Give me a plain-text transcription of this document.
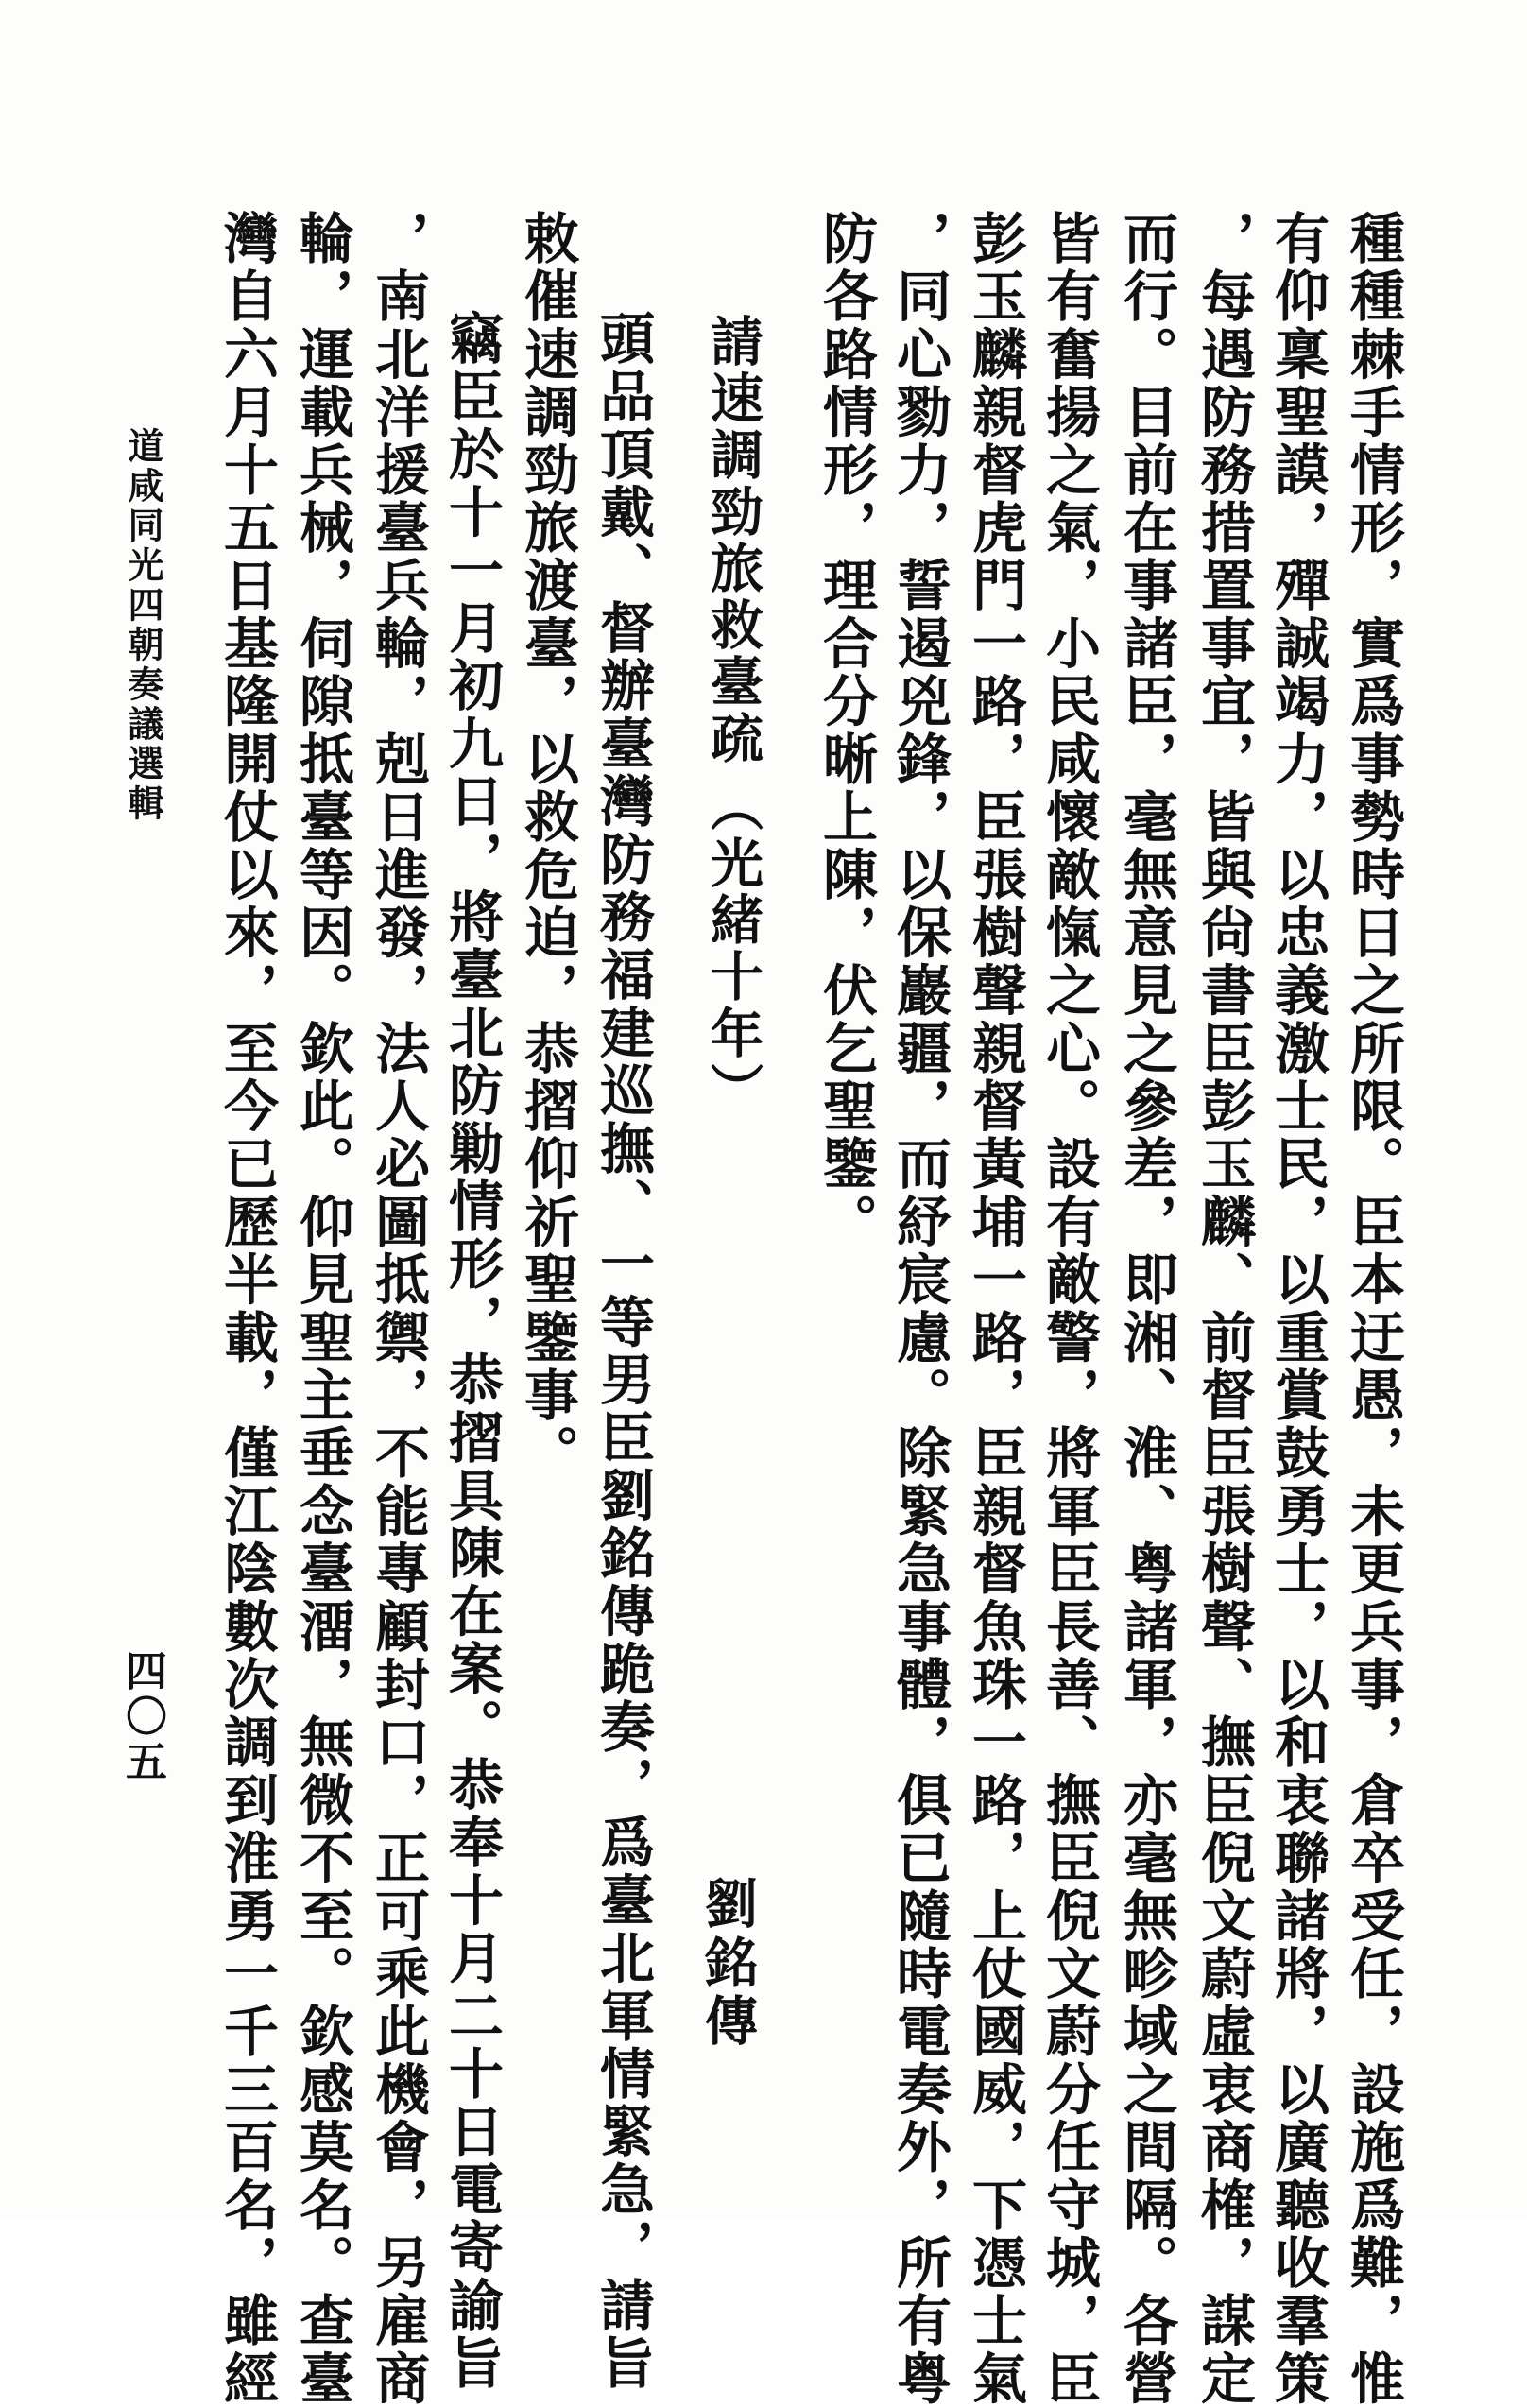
種種棘手情形，實爲事勢時日之所限。臣本迂愚，未更兵事，倉卒受任，設施爲難，惟
有仰稟聖謨，殫誠竭力，以忠義激士民，以重賞鼓勇士，以和衷聯諸將，以廣聽收羣策
，每遇防務措置事宜，皆與尙書臣彭玉麟、前督臣張樹聲、撫臣倪文蔚虛衷商榷，謀定
而行。目前在事諸臣，毫無意見之參差，即湘、淮、粤諸軍，亦毫無畛域之間隔。各營
皆有奮揚之氣，小民咸懷敵愾之心。設有敵警，將軍臣長善、撫臣倪文蔚分任守城，臣
彭玉麟親督虎門一路，臣張樹聲親督黃埔一路，臣親督魚珠一路，上仗國威，下憑士氣
，同心勠力，誓遏兇鋒，以保巖疆，而紓宸慮。除緊急事體，俱已隨時電奏外，所有粤
防各路情形，理合分晰上陳，伏乞聖鑒。
請速調勁旅救臺疏（光緒十年）
劉銘傳
頭品頂戴、督辦臺灣防務福建巡撫、一等男臣劉銘傳跪奏，爲臺北軍情緊急，請旨
敕催速調勁旅渡臺，以救危迫，恭摺仰祈聖鑒事。
竊臣於十一月初九日，將臺北防勦情形，恭摺具陳在案。恭奉十月二十日電寄諭旨
，南北洋援臺兵輪，剋日進發，法人必圖抵禦，不能專顧封口，正可乘此機會，另雇商
輪，運載兵械，伺隙抵臺等因。欽此。仰見聖主垂念臺澑，無微不至。欽感莫名。查臺
灣自六月十五日基隆開仗以來，至今已歷半載，僅江陰數次調到淮勇一千三百名，雖經
道咸同光四朝奏議選輯
四〇五
